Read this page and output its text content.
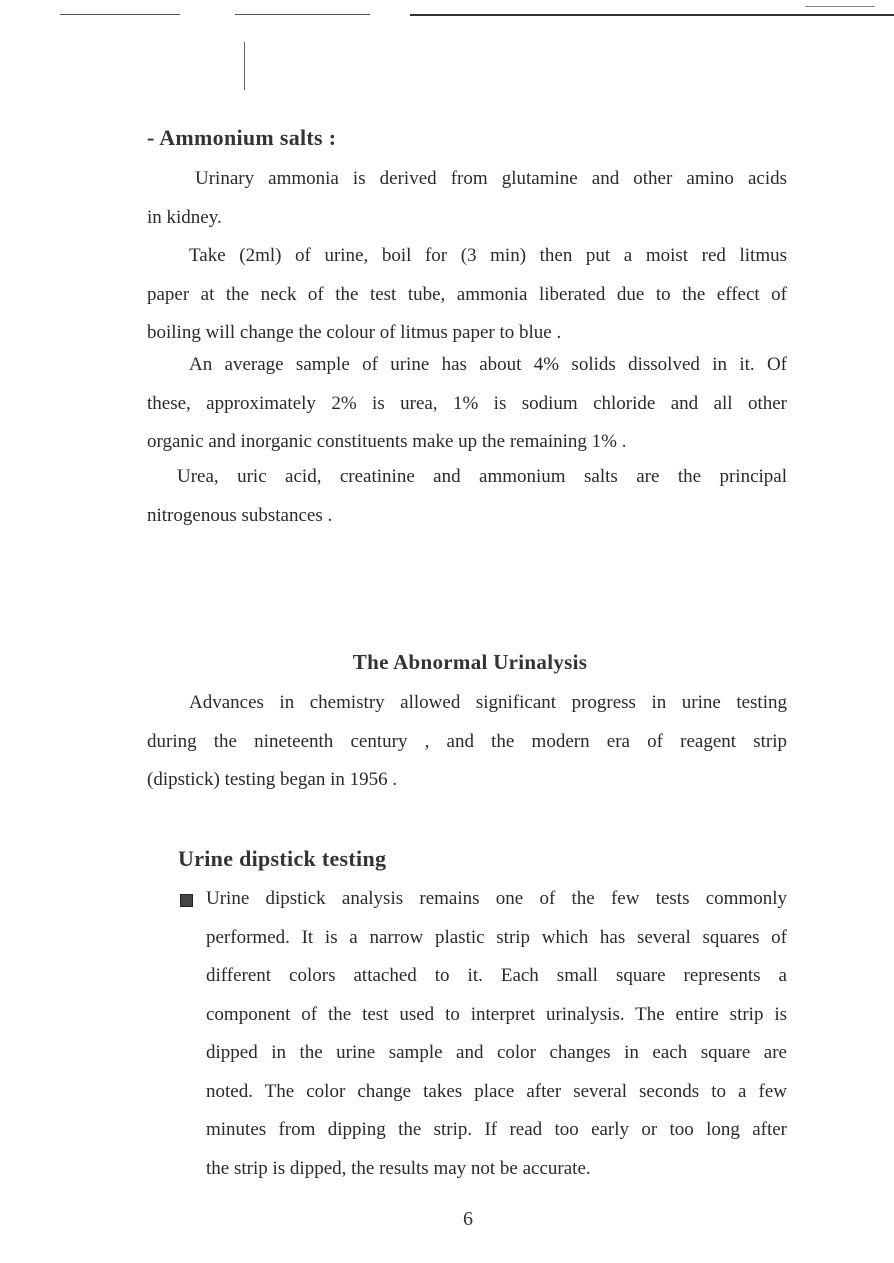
- Ammonium salts :
Urinary ammonia is derived from glutamine and other amino acids
in kidney.
Take (2ml) of urine, boil for (3 min) then put a moist red litmus
paper at the neck of the test tube, ammonia liberated due to the effect of
boiling will change the colour of litmus paper to blue .
An average sample of urine has about 4% solids dissolved in it. Of
these, approximately 2% is urea, 1% is sodium chloride and all other
organic and inorganic constituents make up the remaining 1% .
Urea, uric acid, creatinine and ammonium salts are the principal
nitrogenous substances .
The Abnormal Urinalysis
Advances in chemistry allowed significant progress in urine testing
during the nineteenth century , and the modern era of reagent strip
(dipstick) testing began in 1956 .
Urine dipstick testing
Urine dipstick analysis remains one of the few tests commonly
performed. It is a narrow plastic strip which has several squares of
different colors attached to it. Each small square represents a
component of the test used to interpret urinalysis. The entire strip is
dipped in the urine sample and color changes in each square are
noted. The color change takes place after several seconds to a few
minutes from dipping the strip. If read too early or too long after
the strip is dipped, the results may not be accurate.
6
